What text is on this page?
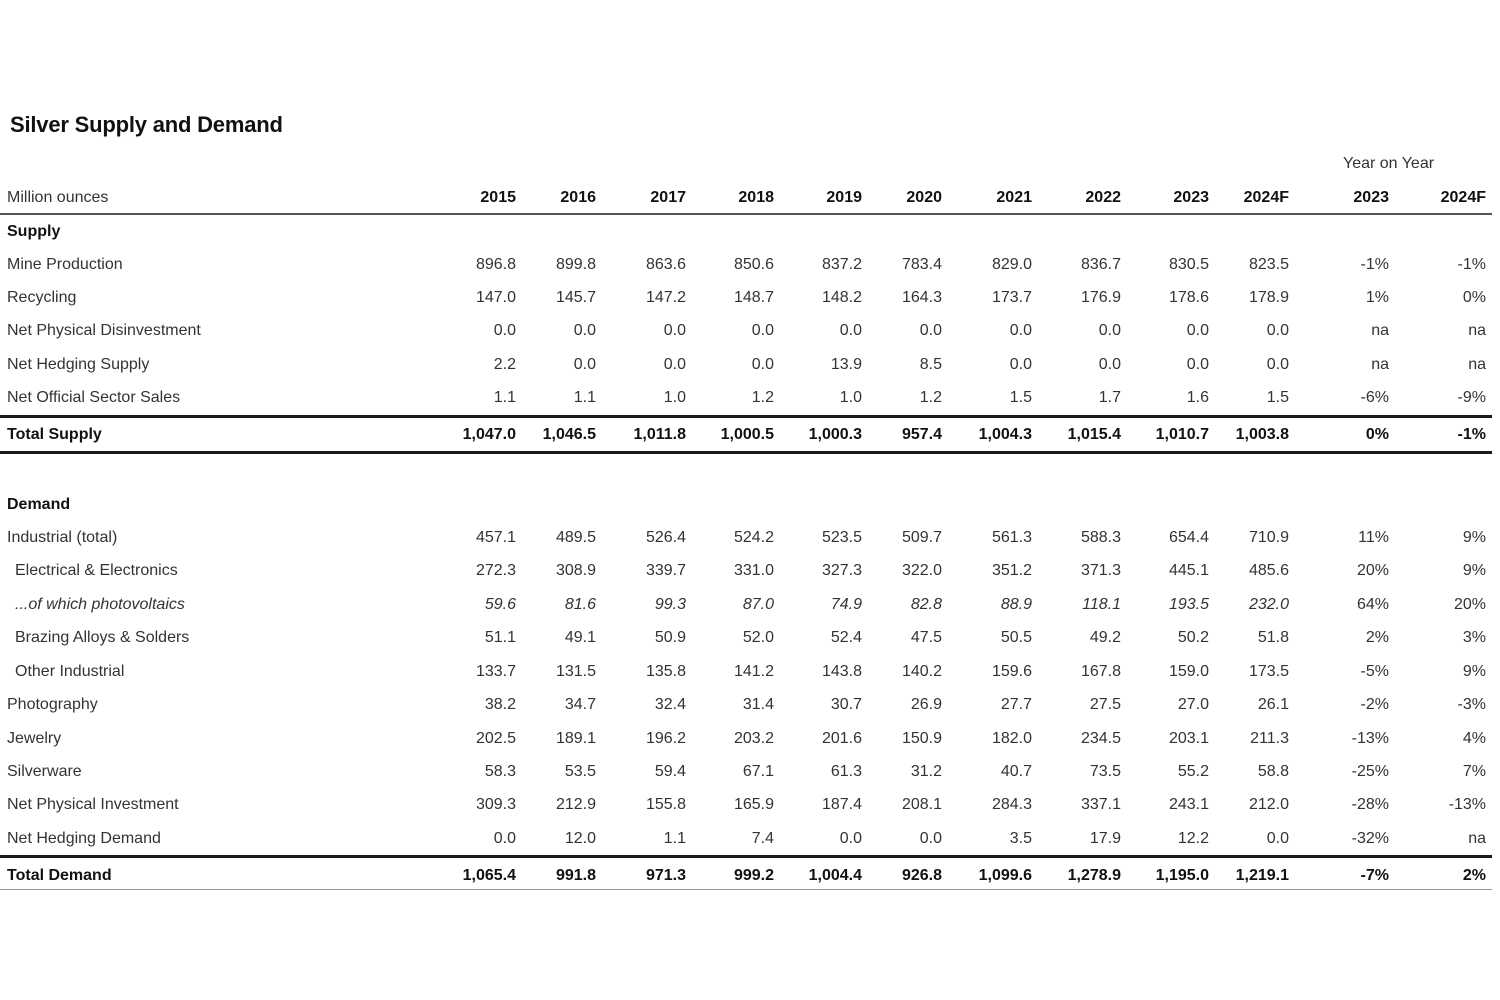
Silver Supply and Demand
Year on Year
Million ounces	2015	2016	2017	2018	2019	2020	2021	2022	2023	2024F	2023	2024F
Supply
Mine Production	896.8	899.8	863.6	850.6	837.2	783.4	829.0	836.7	830.5	823.5	-1%	-1%
Recycling	147.0	145.7	147.2	148.7	148.2	164.3	173.7	176.9	178.6	178.9	1%	0%
Net Physical Disinvestment	0.0	0.0	0.0	0.0	0.0	0.0	0.0	0.0	0.0	0.0	na	na
Net Hedging Supply	2.2	0.0	0.0	0.0	13.9	8.5	0.0	0.0	0.0	0.0	na	na
Net Official Sector Sales	1.1	1.1	1.0	1.2	1.0	1.2	1.5	1.7	1.6	1.5	-6%	-9%
Total Supply	1,047.0	1,046.5	1,011.8	1,000.5	1,000.3	957.4	1,004.3	1,015.4	1,010.7	1,003.8	0%	-1%
Demand
Industrial (total)	457.1	489.5	526.4	524.2	523.5	509.7	561.3	588.3	654.4	710.9	11%	9%
Electrical & Electronics	272.3	308.9	339.7	331.0	327.3	322.0	351.2	371.3	445.1	485.6	20%	9%
...of which photovoltaics	59.6	81.6	99.3	87.0	74.9	82.8	88.9	118.1	193.5	232.0	64%	20%
Brazing Alloys & Solders	51.1	49.1	50.9	52.0	52.4	47.5	50.5	49.2	50.2	51.8	2%	3%
Other Industrial	133.7	131.5	135.8	141.2	143.8	140.2	159.6	167.8	159.0	173.5	-5%	9%
Photography	38.2	34.7	32.4	31.4	30.7	26.9	27.7	27.5	27.0	26.1	-2%	-3%
Jewelry	202.5	189.1	196.2	203.2	201.6	150.9	182.0	234.5	203.1	211.3	-13%	4%
Silverware	58.3	53.5	59.4	67.1	61.3	31.2	40.7	73.5	55.2	58.8	-25%	7%
Net Physical Investment	309.3	212.9	155.8	165.9	187.4	208.1	284.3	337.1	243.1	212.0	-28%	-13%
Net Hedging Demand	0.0	12.0	1.1	7.4	0.0	0.0	3.5	17.9	12.2	0.0	-32%	na
Total Demand	1,065.4	991.8	971.3	999.2	1,004.4	926.8	1,099.6	1,278.9	1,195.0	1,219.1	-7%	2%
